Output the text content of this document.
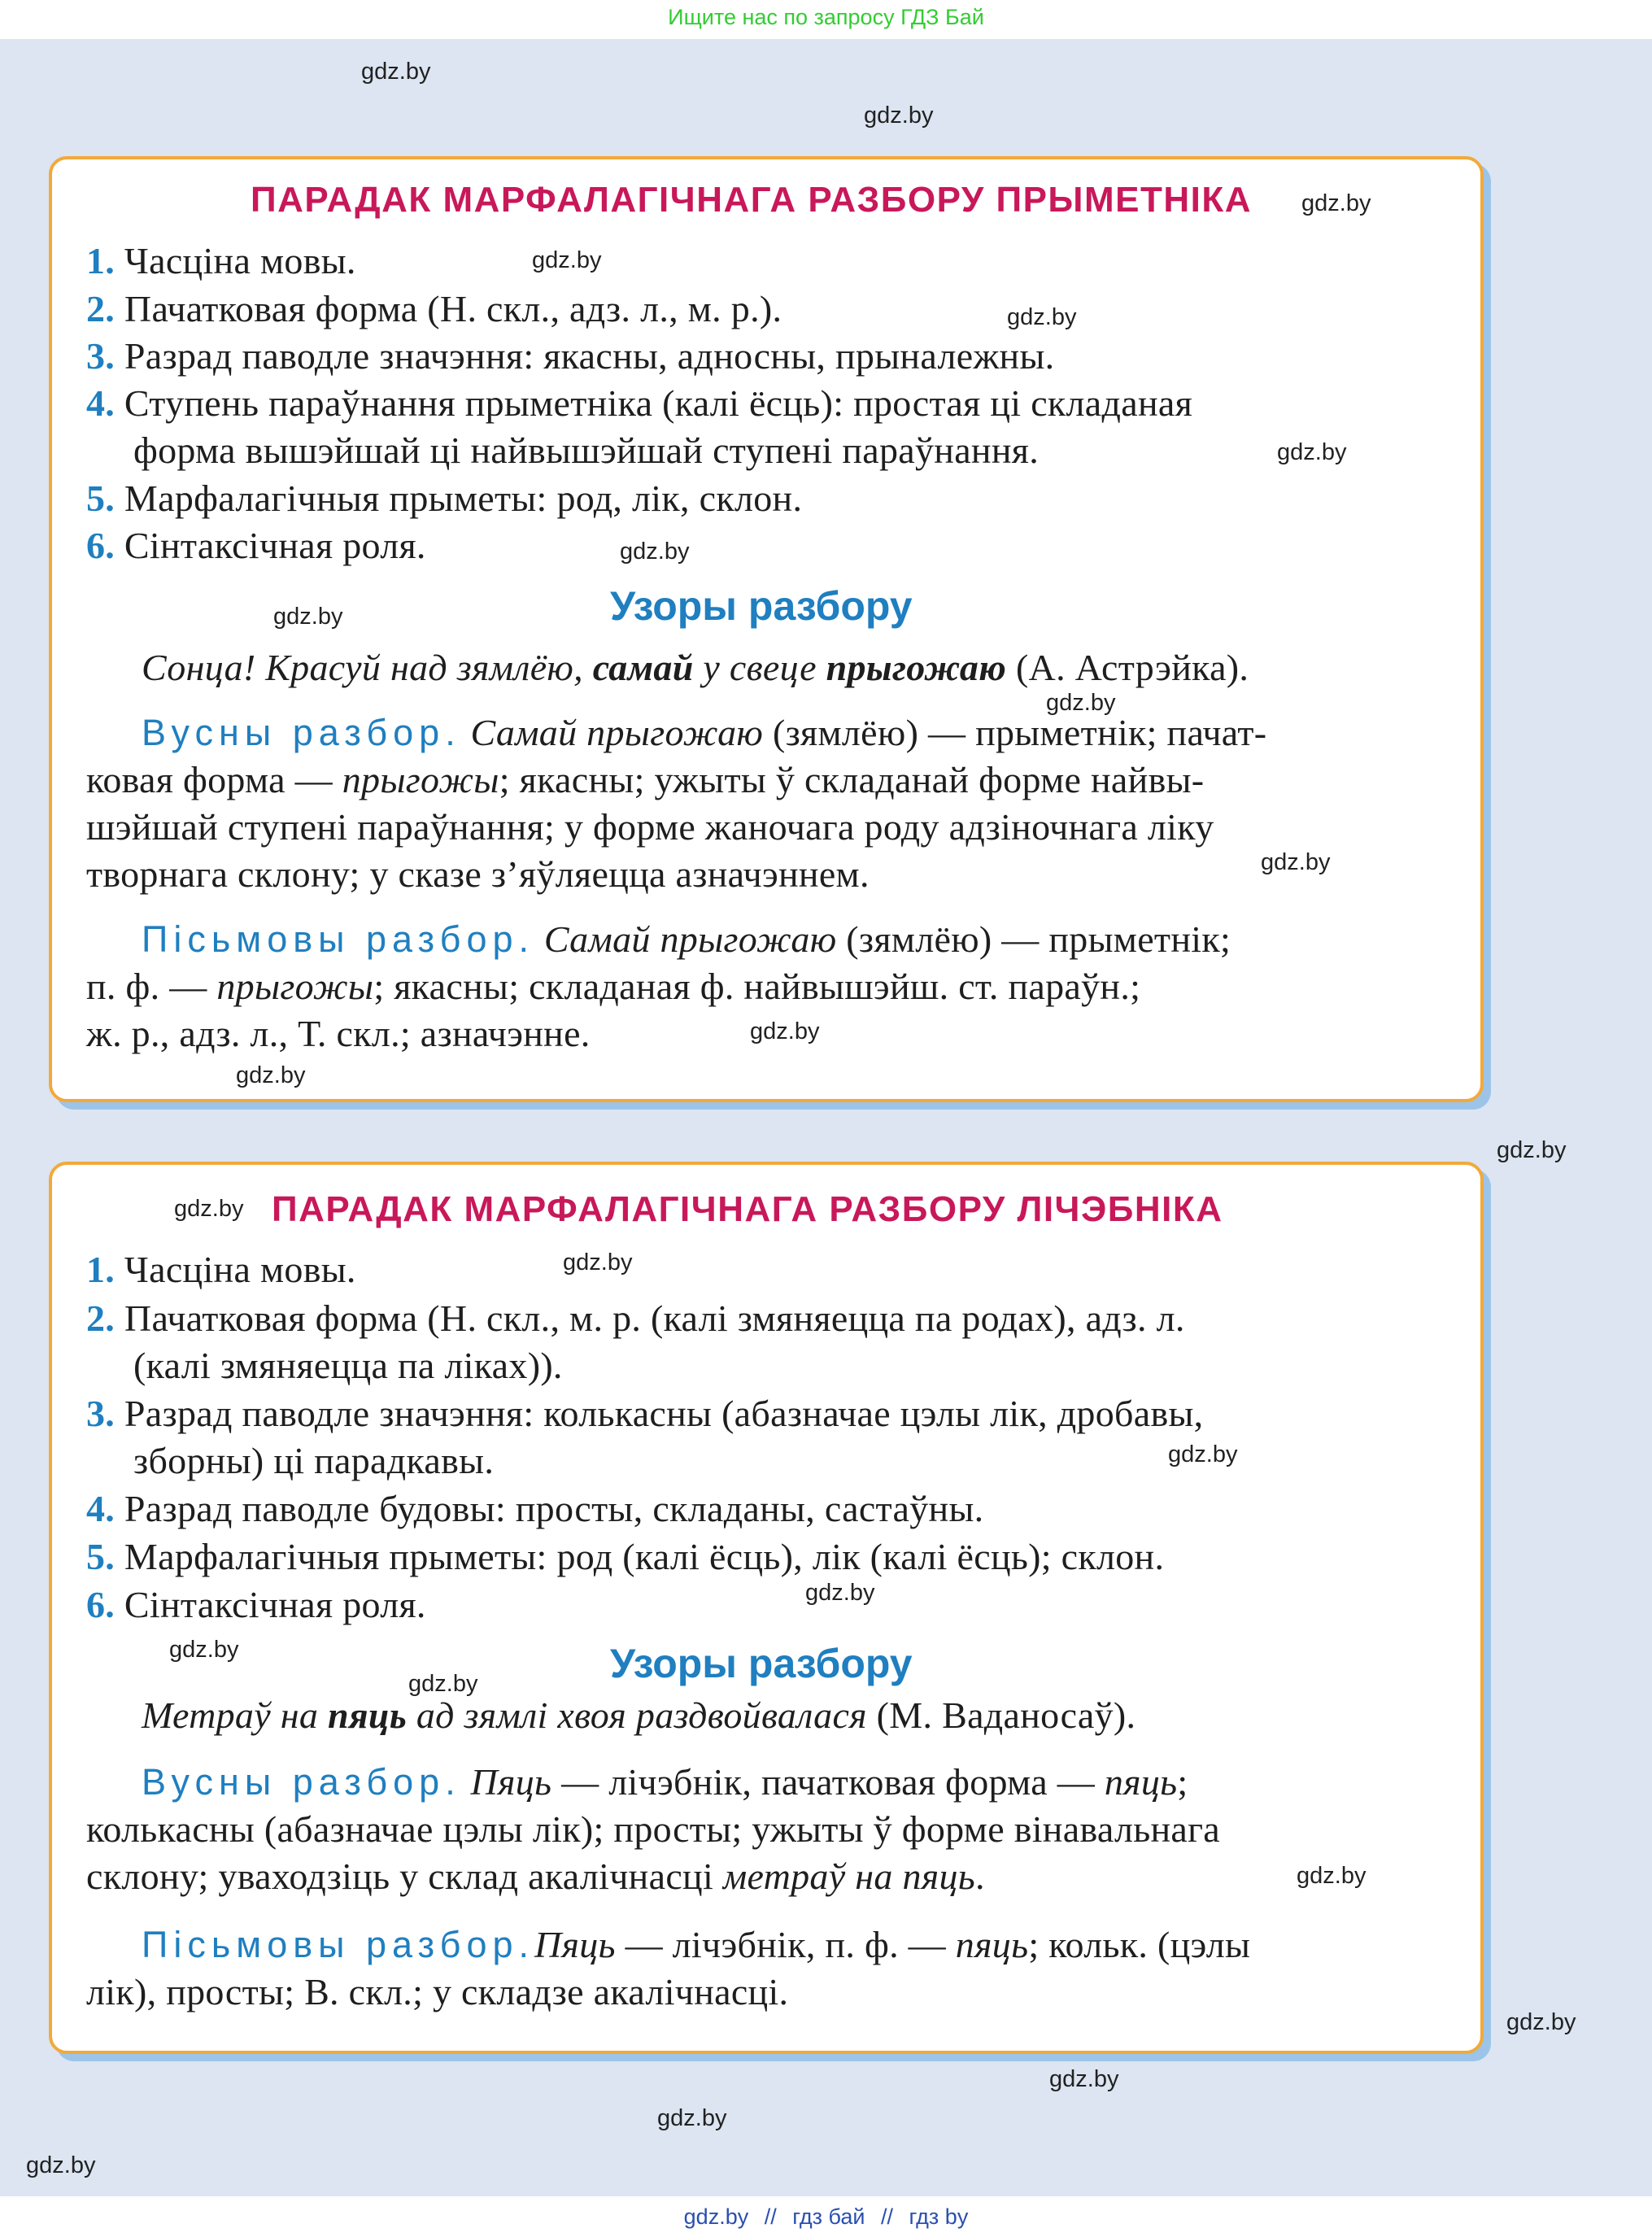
Ищите нас по запросу ГДЗ Бай
gdz.by
gdz.by
gdz.by
gdz.by
gdz.by
gdz.by
gdz.by
ПАРАДАК МАРФАЛАГІЧНАГА РАЗБОРУ ПРЫМЕТНІКА gdz.by
1. Часціна мовы.	gdz.by
2. Пачатковая форма (Н. скл., адз. л., м. р.).	gdz.by
3. Разрад паводле значэння: якасны, адносны, прыналежны.
4. Ступень параўнання прыметніка (калі ёсць): простая ці складаная
форма вышэйшай ці найвышэйшай ступені параўнання.	gdz.by
5. Марфалагічныя прыметы: род, лік, склон.
6. Сінтаксічная роля.	gdz.by
Узоры разбору
gdz.by
Сонца! Красуй над зямлёю, самай у свеце прыгожаю (А. Астрэйка).
gdz.by
Вусны разбор. Самай прыгожаю (зямлёю) — прыметнік; пачат-
ковая форма — прыгожы; якасны; ужыты ў складанай форме найвы-
шэйшай ступені параўнання; у форме жаночага роду адзіночнага ліку
творнага склону; у сказе з’яўляецца азначэннем.	gdz.by
Пісьмовы разбор. Самай прыгожаю (зямлёю) — прыметнік;
п. ф. — прыгожы; якасны; складаная ф. найвышэйш. ст. параўн.;
ж. р., адз. л., Т. скл.; азначэнне.	gdz.by
gdz.by
gdz.by ПАРАДАК МАРФАЛАГІЧНАГА РАЗБОРУ ЛІЧЭБНІКА
1. Часціна мовы.	gdz.by
2. Пачатковая форма (Н. скл., м. р. (калі змяняецца па родах), адз. л.
(калі змяняецца па ліках)).
3. Разрад паводле значэння: колькасны (абазначае цэлы лік, дробавы,
зборны) ці парадкавы.	gdz.by
4. Разрад паводле будовы: просты, складаны, састаўны.
5. Марфалагічныя прыметы: род (калі ёсць), лік (калі ёсць); склон.
6. Сінтаксічная роля.	gdz.by
gdz.by	Узоры разбору
gdz.by
Метраў на пяць ад зямлі хвоя раздвойвалася (М. Ваданосаў).
Вусны разбор. Пяць — лічэбнік, пачатковая форма — пяць;
колькасны (абазначае цэлы лік); просты; ужыты ў форме вінавальнага
склону; уваходзіць у склад акалічнасці метраў на пяць.	gdz.by
Пісьмовы разбор.Пяць — лічэбнік, п. ф. — пяць; кольк. (цэлы
лік), просты; В. скл.; у складзе акалічнасці.
gdz.by // гдз бай // гдз by
